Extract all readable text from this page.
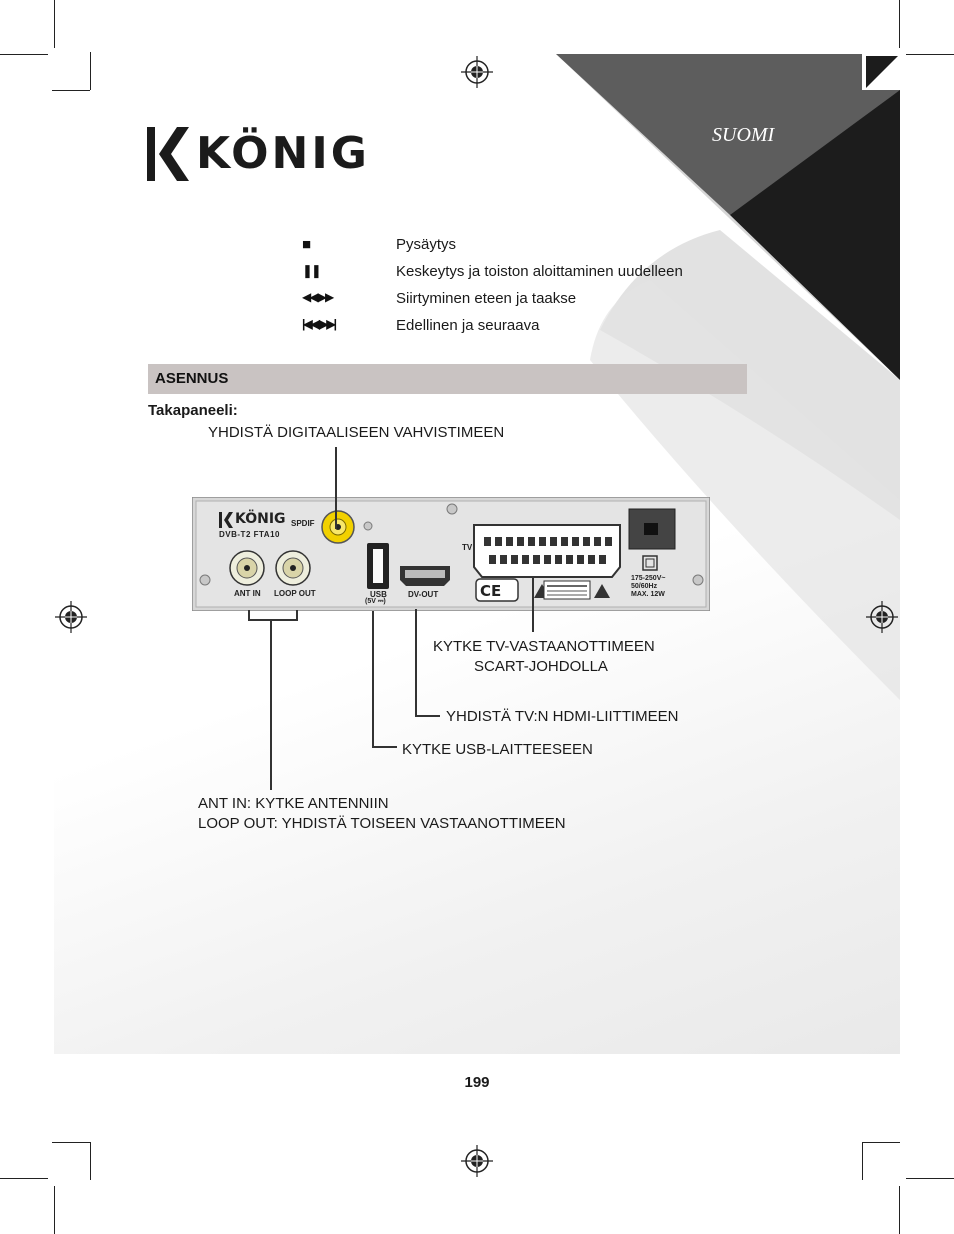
KÖNIG	SUOMI
■	Pysäytys
❚❚	Keskeytys ja toiston aloittaminen uudelleen
◀◀ ▶▶	Siirtyminen eteen ja taakse
|◀◀ ▶▶|	Edellinen ja seuraava
ASENNUS
Takapaneeli:
YHDISTÄ DIGITAALISEEN VAHVISTIMEEN
CE
KÖNIG
DVB-T2 FTA10
SPDIF
ANT IN LOOP OUT	USB
(5V ⎓)
DV-OUT
TV
175-250V~
50/60Hz
MAX. 12W
KYTKE TV-VASTAANOTTIMEEN
SCART-JOHDOLLA
YHDISTÄ TV:N HDMI-LIITTIMEEN
KYTKE USB-LAITTEESEEN
ANT IN: KYTKE ANTENNIIN
LOOP OUT: YHDISTÄ TOISEEN VASTAANOTTIMEEN
199
